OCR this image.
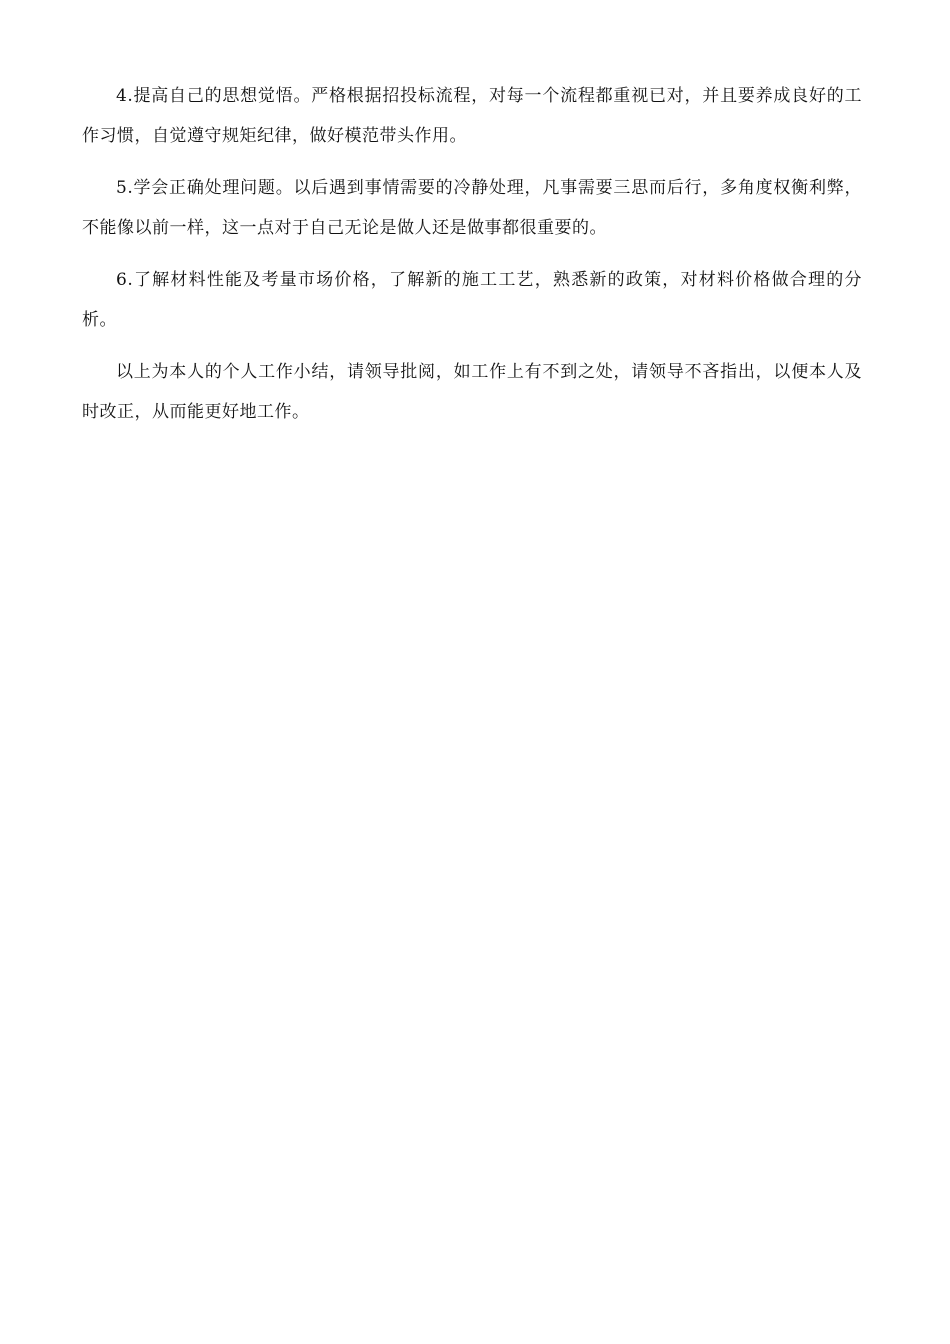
4.提高自己的思想觉悟。严格根据招投标流程，对每一个流程都重视已对，并且要养成良好的工作习惯，自觉遵守规矩纪律，做好模范带头作用。

5.学会正确处理问题。以后遇到事情需要的冷静处理，凡事需要三思而后行，多角度权衡利弊，不能像以前一样，这一点对于自己无论是做人还是做事都很重要的。

6.了解材料性能及考量市场价格，了解新的施工工艺，熟悉新的政策，对材料价格做合理的分析。

以上为本人的个人工作小结，请领导批阅，如工作上有不到之处，请领导不吝指出，以便本人及时改正，从而能更好地工作。
